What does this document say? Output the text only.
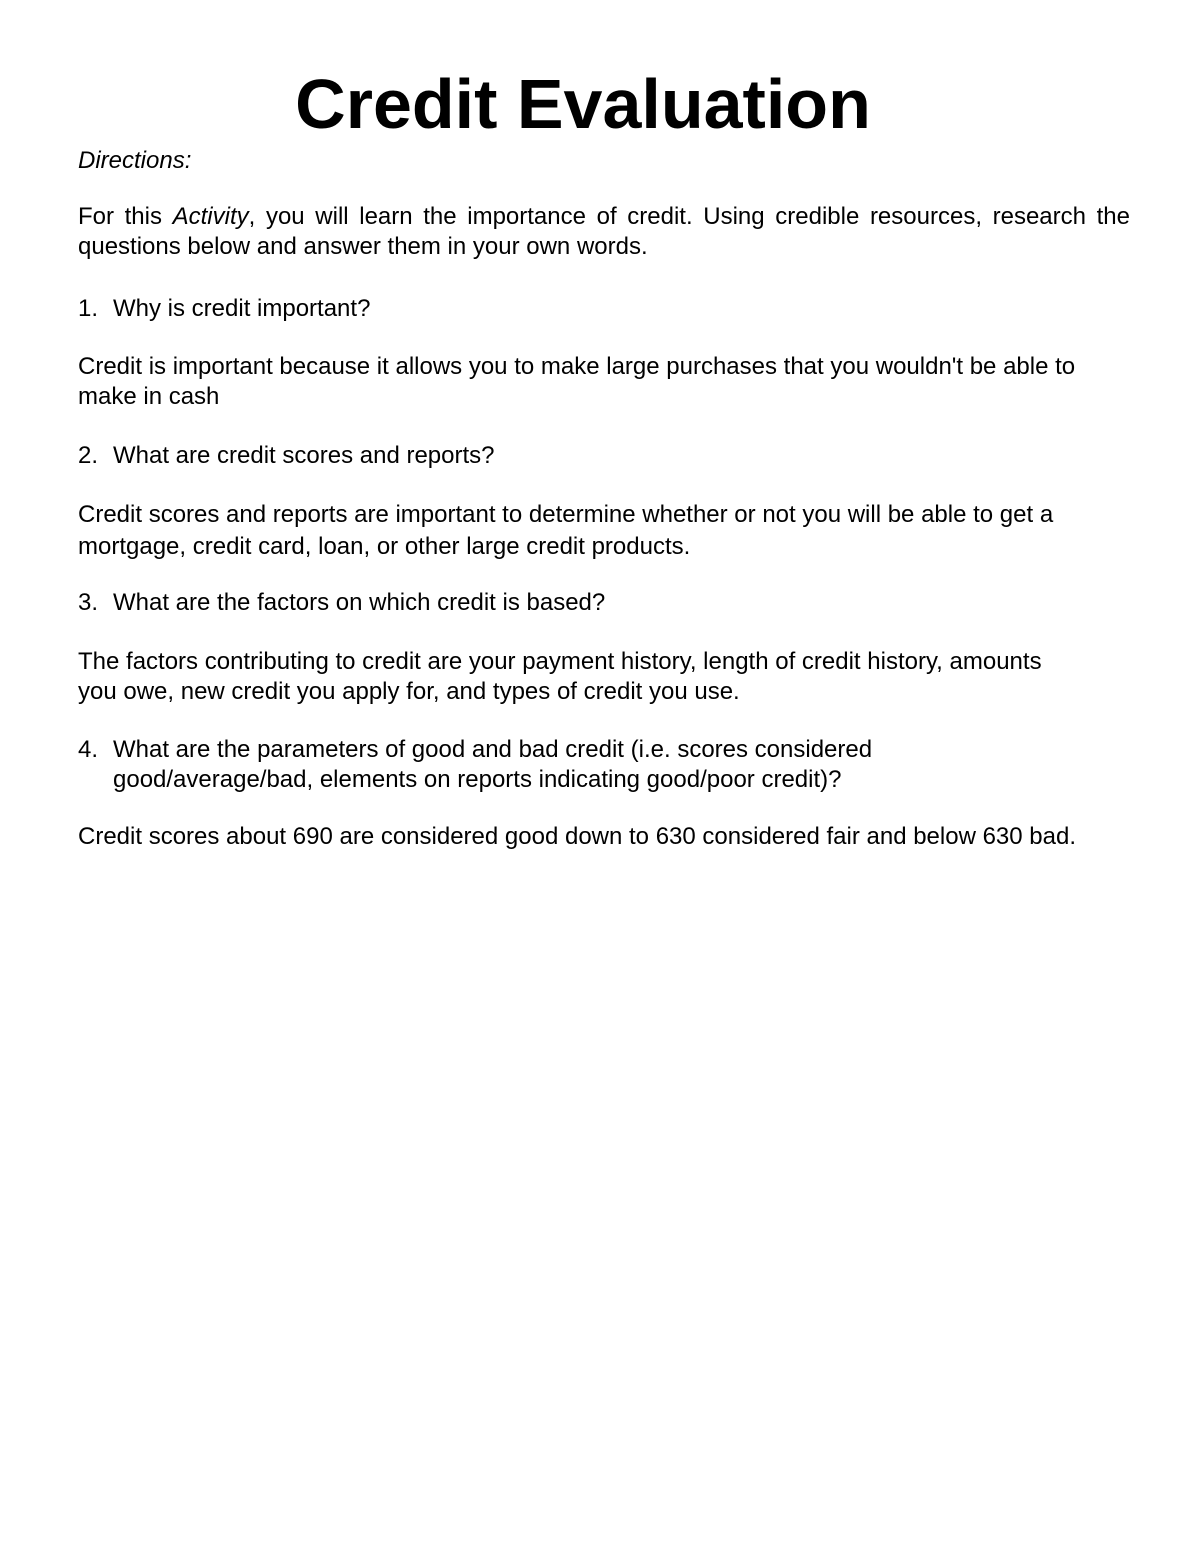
Credit Evaluation
Directions:

For this Activity, you will learn the importance of credit. Using credible resources, research the questions below and answer them in your own words.

1. Why is credit important?
Credit is important because it allows you to make large purchases that you wouldn't be able to make in cash
2. What are credit scores and reports?
Credit scores and reports are important to determine whether or not you will be able to get a mortgage, credit card, loan, or other large credit products.
3. What are the factors on which credit is based?
The factors contributing to credit are your payment history, length of credit history, amounts you owe, new credit you apply for, and types of credit you use.
4. What are the parameters of good and bad credit (i.e. scores considered good/average/bad, elements on reports indicating good/poor credit)?
Credit scores about 690 are considered good down to 630 considered fair and below 630 bad.
